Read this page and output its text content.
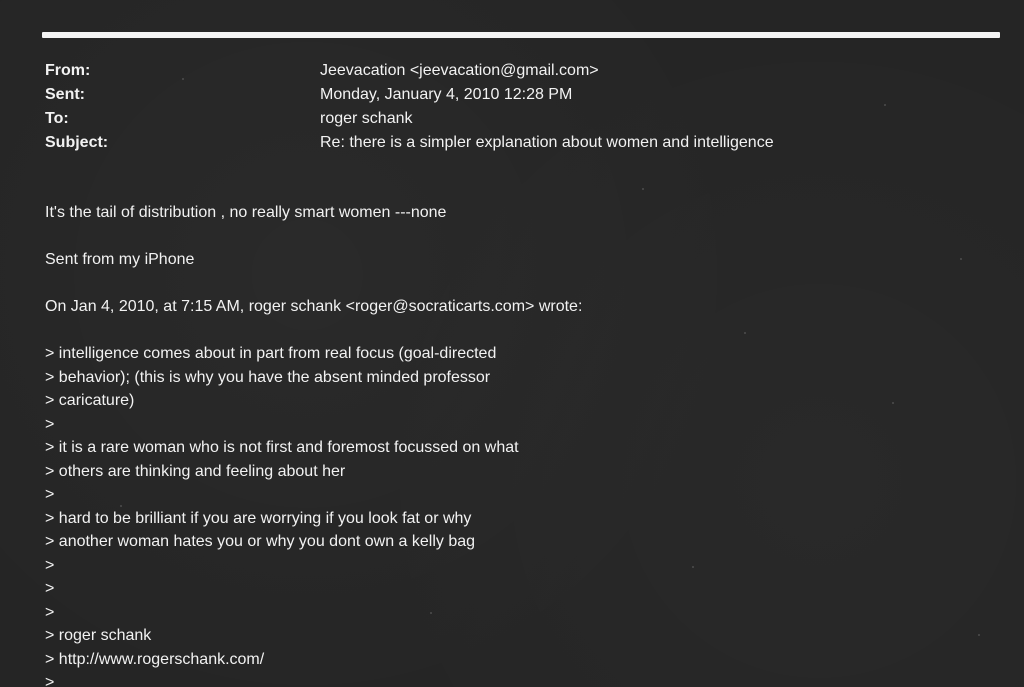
From:	Jeevacation <jeevacation@gmail.com>
Sent:	Monday, January 4, 2010 12:28 PM
To:	roger schank
Subject:	Re: there is a simpler explanation about women and intelligence
It's the tail of distribution , no really smart women ---none
Sent from my iPhone
On Jan 4, 2010, at 7:15 AM, roger schank <roger@socraticarts.com> wrote:
> intelligence comes about in part from real focus (goal-directed
> behavior); (this is why you have the absent minded professor
> caricature)
>
> it is a rare woman who is not first and foremost focussed on what
> others are thinking and feeling about her
>
> hard to be brilliant if you are worrying if you look fat or why
> another woman hates you or why you dont own a kelly bag
>
>
>
> roger schank
> http://www.rogerschank.com/
>
